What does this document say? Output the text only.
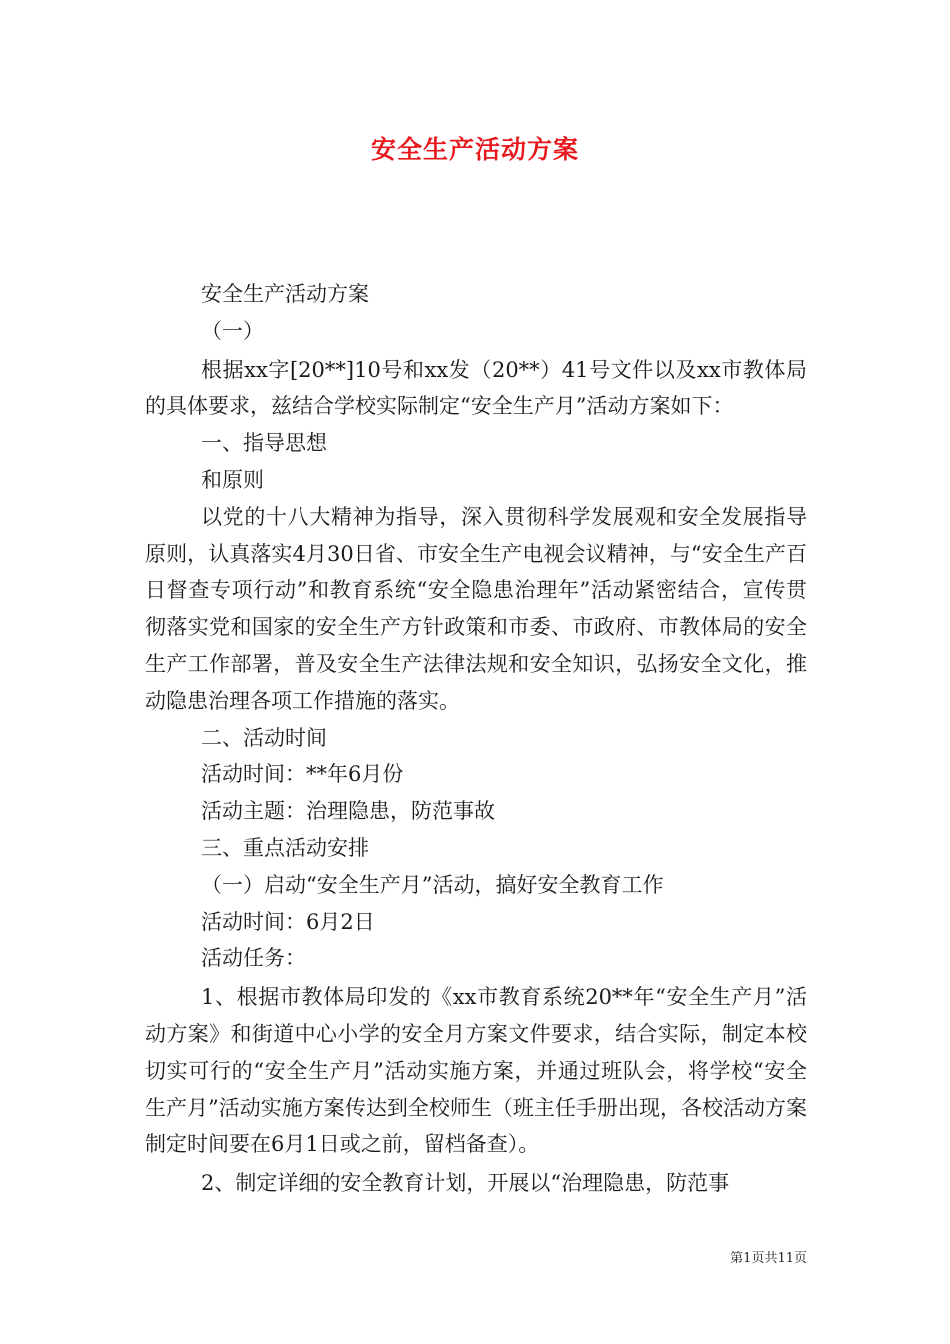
安全生产活动方案

安全生产活动方案

（一）

根据xx字[20**]10号和xx发（20**）41号文件以及xx市教体局的具体要求，兹结合学校实际制定“安全生产月”活动方案如下：

一、指导思想

和原则

以党的十八大精神为指导，深入贯彻科学发展观和安全发展指导原则，认真落实4月30日省、市安全生产电视会议精神，与“安全生产百日督查专项行动”和教育系统“安全隐患治理年”活动紧密结合，宣传贯彻落实党和国家的安全生产方针政策和市委、市政府、市教体局的安全生产工作部署，普及安全生产法律法规和安全知识，弘扬安全文化，推动隐患治理各项工作措施的落实。

二、活动时间

活动时间：**年6月份

活动主题：治理隐患，防范事故

三、重点活动安排

（一）启动“安全生产月”活动，搞好安全教育工作

活动时间：6月2日

活动任务：

1、根据市教体局印发的《xx市教育系统20**年“安全生产月”活动方案》和街道中心小学的安全月方案文件要求，结合实际，制定本校切实可行的“安全生产月”活动实施方案，并通过班队会，将学校“安全生产月”活动实施方案传达到全校师生（班主任手册出现，各校活动方案制定时间要在6月1日或之前，留档备查）。

2、制定详细的安全教育计划，开展以“治理隐患，防范事

第1页共11页
